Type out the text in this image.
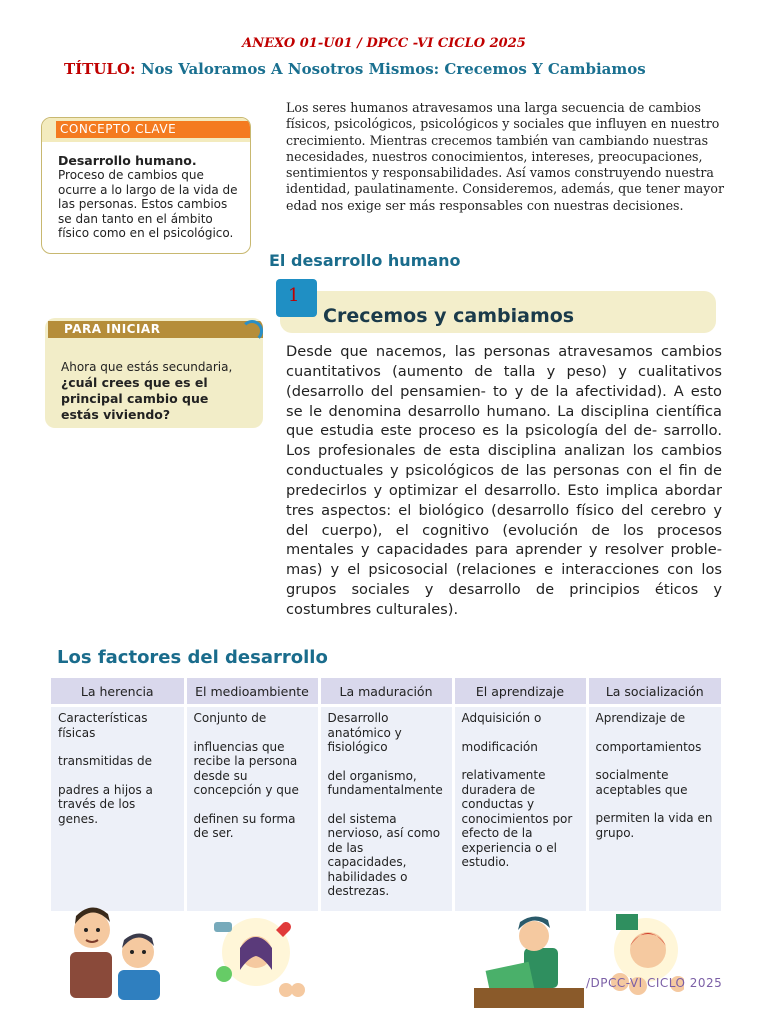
ANEXO 01-U01 / DPCC -VI CICLO 2025
TÍTULO: Nos Valoramos A Nosotros Mismos: Crecemos Y Cambiamos
CONCEPTO CLAVE
Desarrollo humano.
Proceso de cambios que ocurre a lo largo de la vida de las personas. Estos cambios se dan tanto en el ámbito físico como en el psicológico.
Los seres humanos atravesamos una larga secuencia de cambios físicos, psicológicos, psicológicos y sociales que influyen en nuestro crecimiento. Mientras crecemos también van cambiando nuestras necesidades, nuestros conocimientos, intereses, preocupaciones, sentimientos y responsabilidades. Así vamos construyendo nuestra identidad, paulatinamente. Consideremos, además, que tener mayor edad nos exige ser más responsables con nuestras decisiones.
El desarrollo humano
1
Crecemos y cambiamos
PARA INICIAR
Ahora que estás secundaria,
¿cuál crees que es el principal cambio que estás viviendo?
Desde que nacemos, las personas atravesamos cambios cuantitativos (aumento de talla y peso) y cualitativos (desarrollo del pensamien- to y de la afectividad). A esto se le denomina desarrollo humano. La disciplina científica que estudia este proceso es la psicología del de- sarrollo. Los profesionales de esta disciplina analizan los cambios conductuales y psicológicos de las personas con el fin de predecirlos y optimizar el desarrollo. Esto implica abordar tres aspectos: el biológico (desarrollo físico del cerebro y del cuerpo), el cognitivo (evolución de los procesos mentales y capacidades para aprender y resolver proble-mas) y el psicosocial (relaciones e interacciones con los grupos sociales y desarrollo de principios éticos y costumbres culturales).
Los factores del desarrollo
La herencia	El medioambiente	La maduración	El aprendizaje	La socialización
Características físicas
transmitidas de
padres a hijos a través de los genes.	Conjunto de
influencias que recibe la persona desde su concepción y que
definen su forma de ser.	Desarrollo anatómico y fisiológico
del organismo, fundamentalmente
del sistema nervioso, así como de las capacidades, habilidades o destrezas.	Adquisición o
modificación
relativamente duradera de conductas y conocimientos por efecto de la experiencia o el estudio.	Aprendizaje de
comportamientos
socialmente aceptables que
permiten la vida en grupo.
/DPCC-VI CICLO 2025
